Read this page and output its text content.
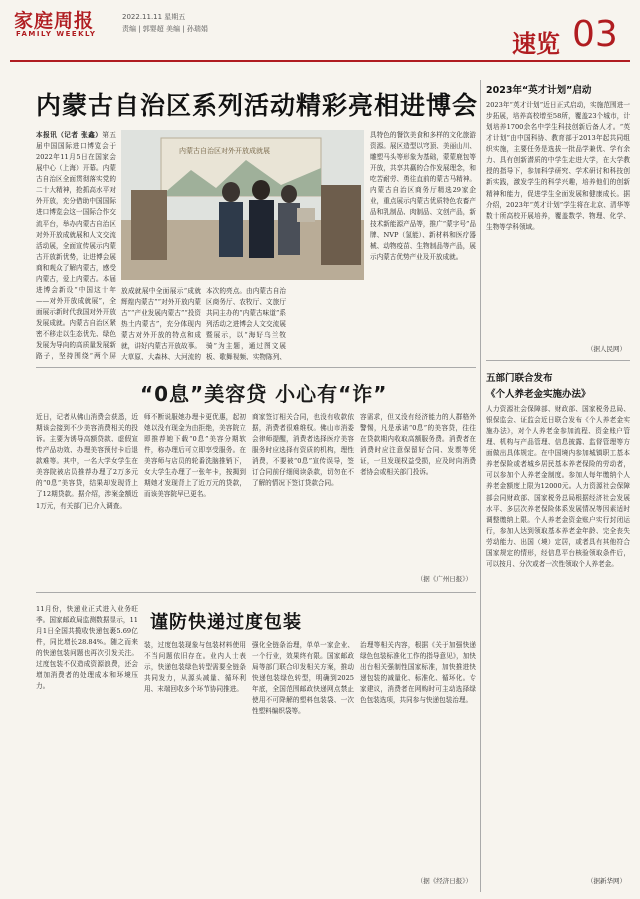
家庭周报
FAMILY WEEKLY
2022.11.11 星期五
责编 | 郭婴超 美编 | 孙瑞娟
速览 03
内蒙古自治区系列活动精彩亮相进博会
本报讯（记者 张鑫）第五届中国国际进口博览会于2022年11月5日在国家会展中心（上海）开幕。内蒙古自治区全面贯彻落实党的二十大精神，抢抓高水平对外开放，充分借助中国国际进口博览会这一国际合作交流平台，举办内蒙古自治区对外开放成就展和人文交流活动展，全面宣传展示内蒙古开放新优势，让进博会展商和观众了解内蒙古，感受内蒙古，爱上内蒙古。本届进博会新设“中国这十年——对外开放成就展”，全面展示新时代我国对外开放发展成就。内蒙古自治区紧密不移走以生态优先、绿色发展为导向的高质量发展新路子，坚持围绕“两个屏
内蒙古自治区对外开放成就展
放成就展中全面展示“成就辉煌内蒙古”“对外开放内蒙古”“产业发展内蒙古”“投资热土内蒙古”，充分体现内蒙古对外开放的特点和成就，讲好内蒙古开放故事。大草原、大森林、大河流的
本次的亮点。由内蒙古自治区商务厅、农牧厅、文旅厅共同主办的“内蒙古味道”系列活动之进博会人文交流展暨展示，以“海好乌兰牧骑”为主题，通过图文展板、歌舞视频、实物陈列、
具特色的餐饮美食和多样的文化旅游资源。展区造型以穹顶、美丽山川、雕塑马头等形象为基础，蒙蒙鹿包等开放，共享共赢的合作发展理念，和吃苦耐劳、勇往直前的蒙古马精神。内蒙古自治区商务厅精选29家企业，重点展示内蒙古优质特色农畜产品和乳制品、肉制品、文创产品，新技术新能源产品等，推广“蒙字号”品牌、NVP（氢能）、新材料和医疗器械、动物疫苗、生物制品等产品，展示内蒙古优势产业及开放成就。
2023年“英才计划”启动
2023年“英才计划”近日正式启动，实施范围进一步拓展，培养高校增至58所，覆盖23个城市，计划培养1700余名中学生科技创新后备人才。“英才计划”由中国科协、教育部于2013年起共同组织实施，主要任务是选拔一批品学兼优、学有余力、具有创新潜质的中学生走进大学，在大学教授的指导下，参加科学研究、学术研讨和科技创新实践，激发学生的科学兴趣，培养他们的创新精神和能力，促进学生全面发展和健康成长。据介绍，2023年“英才计划”学生将在北京、清华等数十所高校开展培养，覆盖数学、物理、化学、生物等学科领域。
（据人民网）
“0息”美容贷 小心有“诈”
近日，记者从佛山消费会获悉，近期该会接到不少美容消费相关的投诉。主要为诱导高额贷款、虚假宣传产品功效、办理美容预付卡后退款难等。其中，一名大学女学生在美容院被店员推荐办理了2万多元的“0息”美容贷，结果却发现背上了12期贷款。据介绍，涉案金额近1万元，有关部门已介入调查。
师不断说服她办理卡更优惠，起初她以没有现金为由拒绝，美容院立即推荐她下载“0息”美容分期软件，称办理后可立即享受服务。在美容师与店员的轮番洗脑推销下，女大学生办理了一张年卡，按揭到期她才发现背上了近万元的贷款，而该美容院早已更名。
商家签订相关合同，也没有收款依据，消费者很难维权。佛山市消委会律师提醒，消费者选择医疗美容服务时应选择有资质的机构，理性消费，不要被“0息”宣传误导，签订合同前仔细阅读条款，切勿在不了解的情况下签订贷款合同。
容需求，但又没有经济能力的人群格外警惕，凡是承诺“0息”的美容贷，往往在贷款期内收取高额服务费。消费者在消费时应注意保留好合同、发票等凭证，一旦发现权益受损，应及时向消费者协会或相关部门投诉。
（据《广州日报》）
五部门联合发布
《个人养老金实施办法》
人力资源社会保障部、财政部、国家税务总局、银保监会、证监会近日联合发布《个人养老金实施办法》，对个人养老金参加流程、资金账户管理、机构与产品管理、信息披露、监督管理等方面做出具体规定。在中国境内参加城镇职工基本养老保险或者城乡居民基本养老保险的劳动者，可以参加个人养老金制度。参加人每年缴纳个人养老金额度上限为12000元。人力资源社会保障部会同财政部、国家税务总局根据经济社会发展水平、多层次养老保险体系发展情况等因素适时调整缴纳上限。个人养老金资金账户实行封闭运行，参加人达到领取基本养老金年龄、完全丧失劳动能力、出国（境）定居，或者具有其他符合国家规定的情形，经信息平台核验领取条件后，可以按月、分次或者一次性领取个人养老金。
（据新华网）
谨防快递过度包装
11月份，快递业正式进入业务旺季。国家邮政局监测数据显示，11月1日全国共揽收快递包裹5.69亿件，同比增长28.84%。随之而来的快递包装问题也再次引发关注。过度包装不仅造成资源浪费，还会增加消费者的处理成本和环境压力。
装，过度包装现象与包装材料使用不当问题依旧存在。业内人士表示，快递包装绿色转型需要全链条共同发力，从源头减量、循环利用、末端回收多个环节协同推进。
强化全链条治理，单单一家企业、一个行业，效果终有限。国家邮政局等部门联合印发相关方案，推动快递包装绿色转型，明确到2025年底，全国范围邮政快递网点禁止使用不可降解的塑料包装袋、一次性塑料编织袋等。
治理等相关内容，根据《关于加强快递绿色包装标准化工作的指导意见》，加快出台相关强制性国家标准，加快推进快递包装的减量化、标准化、循环化。专家建议，消费者在网购时可主动选择绿色包装选项，共同参与快递包装治理。
（据《经济日报》）
